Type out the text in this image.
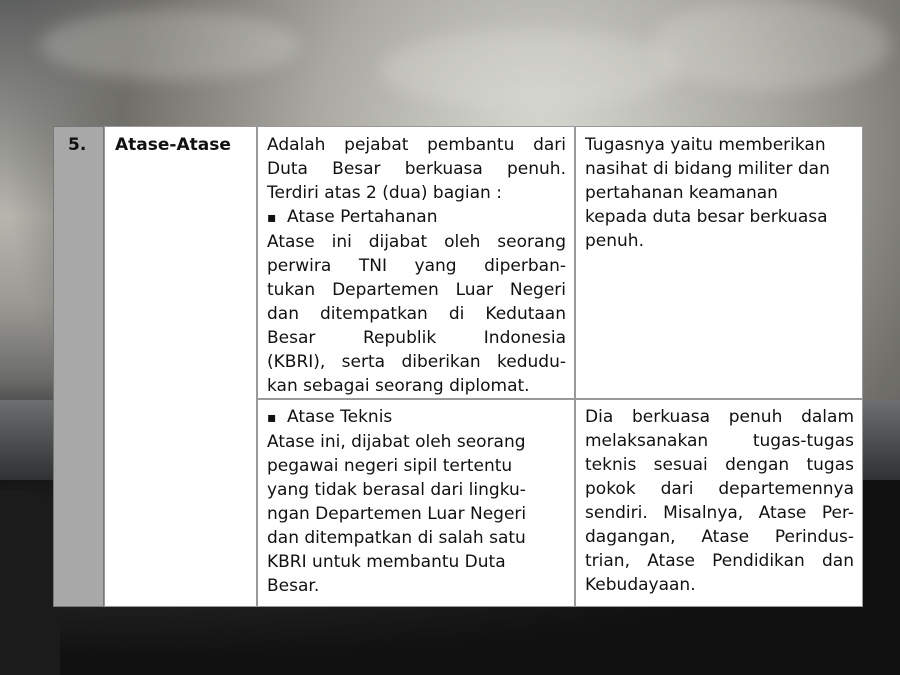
5.	Atase-Atase	Adalah pejabat pembantu dari
Duta Besar berkuasa penuh.
Terdiri atas 2 (dua) bagian :
▪ Atase Pertahanan
Atase ini dijabat oleh seorang
perwira TNI yang diperban-
tukan Departemen Luar Negeri
dan ditempatkan di Kedutaan
Besar Republik Indonesia
(KBRI), serta diberikan kedudu-
kan sebagai seorang diplomat.
Tugasnya yaitu memberikan
nasihat di bidang militer dan
pertahanan keamanan
kepada duta besar berkuasa
penuh.
▪ Atase Teknis
Atase ini, dijabat oleh seorang
pegawai negeri sipil tertentu
yang tidak berasal dari lingku-
ngan Departemen Luar Negeri
dan ditempatkan di salah satu
KBRI untuk membantu Duta
Besar.
Dia berkuasa penuh dalam
melaksanakan tugas-tugas
teknis sesuai dengan tugas
pokok dari departemennya
sendiri. Misalnya, Atase Per-
dagangan, Atase Perindus-
trian, Atase Pendidikan dan
Kebudayaan.
